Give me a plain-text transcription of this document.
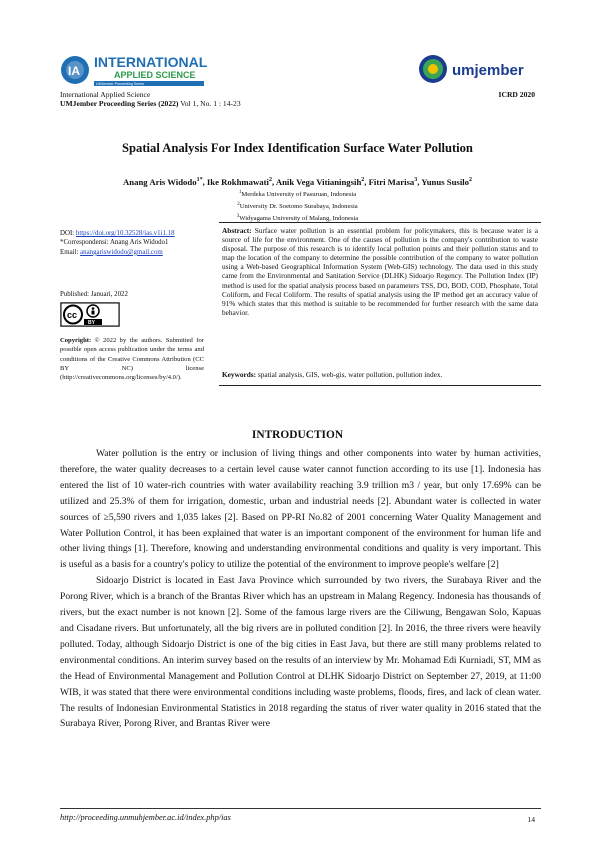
IA
INTERNATIONAL
APPLIED SCIENCE
UMJember Proceeding Series
umjember
International Applied Science
UMJember Proceeding Series (2022) Vol 1, No. 1 : 14-23
ICRD 2020
Spatial Analysis For Index Identification Surface Water Pollution
Anang Aris Widodo$^{1*}$, Ike Rokhmawati$^2$, Anik Vega Vitianingsih$^2$, Fitri Marisa$^3$, Yunus Susilo$^2$
$^1$Merdeka University of Pasuruan, Indonesia
$^2$University Dr. Soetomo Surabaya, Indonesia
$^3$Widyagama University of Malang, Indonesia
DOI: https://doi.org/10.32528/ias.v1i1.18
*Correspondensi: Anang Aris Widodo1
Email: anangariswidodo@gmail.com
Published: Januari, 2022
cc
BY
Copyright: © 2022 by the authors. Submitted for possible open access publication under the terms and conditions of the Creative Commons Attribution (CC BY NC) license (http://creativecommons.org/licenses/by/4.0/).
Abstract: Surface water pollution is an essential problem for policymakers, this is because water is a source of life for the environment. One of the causes of pollution is the company's contribution to waste disposal. The purpose of this research is to identify local pollution points and their pollution status and to map the location of the company to determine the possible contribution of the company to water pollution using a Web-based Geographical Information System (Web-GIS) technology. The data used in this study came from the Environmental and Sanitation Service (DLHK) Sidoarjo Regency. The Pollution Index (IP) method is used for the spatial analysis process based on parameters TSS, DO, BOD, COD, Phosphate, Total Coliform, and Fecal Coliform. The results of spatial analysis using the IP method get an accuracy value of 91% which states that this method is suitable to be recommended for further research with the same data behavior.
Keywords: spatial analysis, GIS, web-gis, water pollution, pollution index.
INTRODUCTION

Water pollution is the entry or inclusion of living things and other components into water by human activities, therefore, the water quality decreases to a certain level cause water cannot function according to its use [1]. Indonesia has entered the list of 10 water-rich countries with water availability reaching 3.9 trillion m3 / year, but only 17.69% can be utilized and 25.3% of them for irrigation, domestic, urban and industrial needs [2]. Abundant water is collected in water sources of ≥5,590 rivers and 1,035 lakes [2]. Based on PP-RI No.82 of 2001 concerning Water Quality Management and Water Pollution Control, it has been explained that water is an important component of the environment for human life and other living things [1]. Therefore, knowing and understanding environmental conditions and quality is very important. This is useful as a basis for a country's policy to utilize the potential of the environment to improve people's welfare [2]

Sidoarjo District is located in East Java Province which surrounded by two rivers, the Surabaya River and the Porong River, which is a branch of the Brantas River which has an upstream in Malang Regency. Indonesia has thousands of rivers, but the exact number is not known [2]. Some of the famous large rivers are the Ciliwung, Bengawan Solo, Kapuas and Cisadane rivers. But unfortunately, all the big rivers are in polluted condition [2]. In 2016, the three rivers were heavily polluted. Today, although Sidoarjo District is one of the big cities in East Java, but there are still many problems related to environmental conditions. An interim survey based on the results of an interview by Mr. Mohamad Edi Kurniadi, ST, MM as the Head of Environmental Management and Pollution Control at DLHK Sidoarjo District on September 27, 2019, at 11:00 WIB, it was stated that there were environmental conditions including waste problems, floods, fires, and lack of clean water. The results of Indonesian Environmental Statistics in 2018 regarding the status of river water quality in 2016 stated that the Surabaya River, Porong River, and Brantas River were

http://proceeding.unmuhjember.ac.id/index.php/ias	14
